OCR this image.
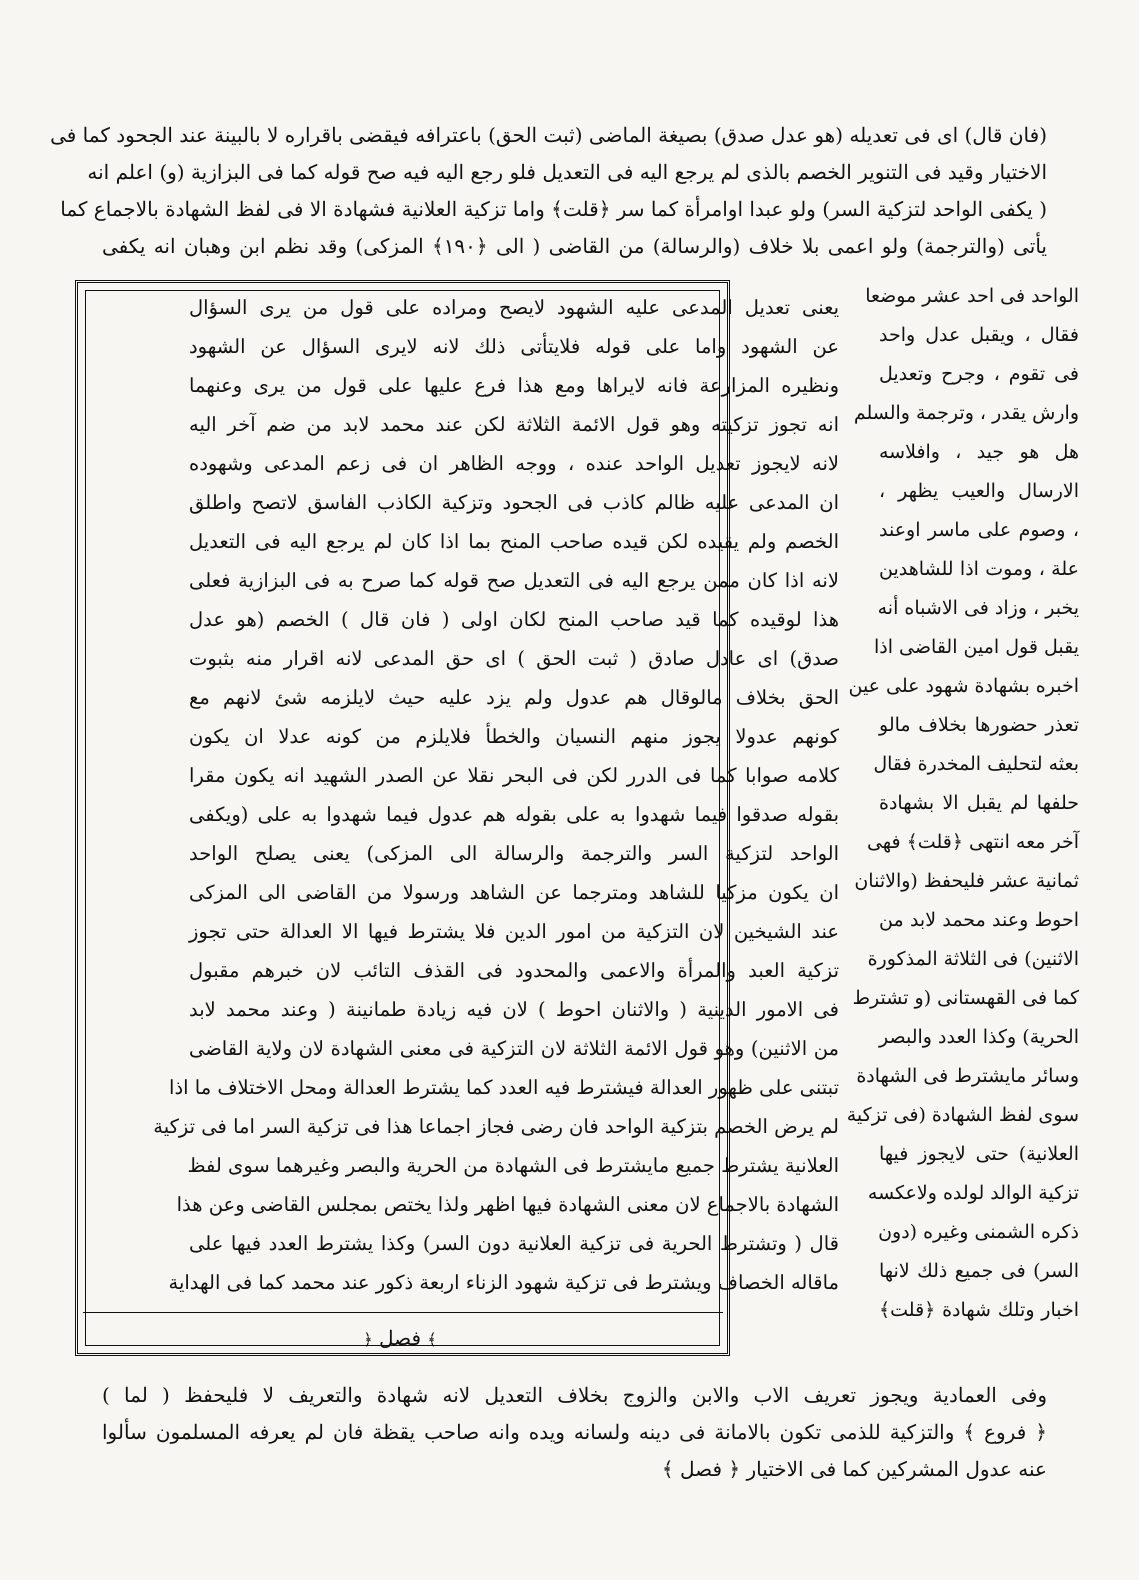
(فان قال) اى فى تعديله (هو عدل صدق) بصيغة الماضى (ثبت الحق) باعترافه فيقضى باقراره لا بالبينة عند الجحود كما فى
الاختيار وقيد فى التنوير الخصم بالذى لم يرجع اليه فى التعديل فلو رجع اليه فيه صح قوله كما فى البزازية (و) اعلم انه
( يكفى الواحد لتزكية السر) ولو عبدا اوامرأة كما سر ﴿قلت﴾ واما تزكية العلانية فشهادة الا فى لفظ الشهادة بالاجماع كما
يأتى (والترجمة) ولو اعمى بلا خلاف (والرسالة) من القاضى ( الى ﴿١٩٠﴾ المزكى) وقد نظم ابن وهبان انه يكفى
يعنى تعديل المدعى عليه الشهود لايصح ومراده على قول من يرى السؤال
عن الشهود واما على قوله فلايتأتى ذلك لانه لايرى السؤال عن الشهود
ونظيره المزارعة فانه لايراها ومع هذا فرع عليها على قول من يرى وعنهما
انه تجوز تزكيته وهو قول الائمة الثلاثة لكن عند محمد لابد من ضم آخر اليه
لانه لايجوز تعديل الواحد عنده ، ووجه الظاهر ان فى زعم المدعى وشهوده
ان المدعى عليه ظالم كاذب فى الجحود وتزكية الكاذب الفاسق لاتصح واطلق
الخصم ولم يقيده لكن قيده صاحب المنح بما اذا كان لم يرجع اليه فى التعديل
لانه اذا كان ممن يرجع اليه فى التعديل صح قوله كما صرح به فى البزازية فعلى
هذا لوقيده كما قيد صاحب المنح لكان اولى ( فان قال ) الخصم (هو عدل
صدق) اى عادل صادق ( ثبت الحق ) اى حق المدعى لانه اقرار منه بثبوت
الحق بخلاف مالوقال هم عدول ولم يزد عليه حيث لايلزمه شئ لانهم مع
كونهم عدولا يجوز منهم النسيان والخطأ فلايلزم من كونه عدلا ان يكون
كلامه صوابا كما فى الدرر لكن فى البحر نقلا عن الصدر الشهيد انه يكون مقرا
بقوله صدقوا فيما شهدوا به على بقوله هم عدول فيما شهدوا به على (ويكفى
الواحد لتزكية السر والترجمة والرسالة الى المزكى) يعنى يصلح الواحد
ان يكون مزكيا للشاهد ومترجما عن الشاهد ورسولا من القاضى الى المزكى
عند الشيخين لان التزكية من امور الدين فلا يشترط فيها الا العدالة حتى تجوز
تزكية العبد والمرأة والاعمى والمحدود فى القذف التائب لان خبرهم مقبول
فى الامور الدينية ( والاثنان احوط ) لان فيه زيادة طمانينة ( وعند محمد لابد
من الاثنين) وهو قول الائمة الثلاثة لان التزكية فى معنى الشهادة لان ولاية القاضى
تبتنى على ظهور العدالة فيشترط فيه العدد كما يشترط العدالة ومحل الاختلاف ما اذا
لم يرض الخصم بتزكية الواحد فان رضى فجاز اجماعا هذا فى تزكية السر اما فى تزكية
العلانية يشترط جميع مايشترط فى الشهادة من الحرية والبصر وغيرهما سوى لفظ
الشهادة بالاجماع لان معنى الشهادة فيها اظهر ولذا يختص بمجلس القاضى وعن هذا
قال ( وتشترط الحرية فى تزكية العلانية دون السر) وكذا يشترط العدد فيها على
ماقاله الخصاف ويشترط فى تزكية شهود الزناء اربعة ذكور عند محمد كما فى الهداية
﴾ فصل ﴿
الواحد فى احد عشر موضعا
فقال ، ويقبل عدل واحد
فى تقوم ، وجرح وتعديل
وارش يقدر ، وترجمة والسلم
هل هو جيد ، وافلاسه
الارسال والعيب يظهر ،
، وصوم على ماسر اوعند
علة ، وموت اذا للشاهدين
يخبر ، وزاد فى الاشباه أنه
يقبل قول امين القاضى اذا
اخبره بشهادة شهود على عين
تعذر حضورها بخلاف مالو
بعثه لتحليف المخدرة فقال
حلفها لم يقبل الا بشهادة
آخر معه انتهى ﴿قلت﴾ فهى
ثمانية عشر فليحفظ (والاثنان
احوط وعند محمد لابد من
الاثنين) فى الثلاثة المذكورة
كما فى القهستانى (و تشترط
الحرية) وكذا العدد والبصر
وسائر مايشترط فى الشهادة
سوى لفظ الشهادة (فى تزكية
العلانية) حتى لايجوز فيها
تزكية الوالد لولده ولاعكسه
ذكره الشمنى وغيره (دون
السر) فى جميع ذلك لانها
اخبار وتلك شهادة ﴿قلت﴾
وفى العمادية ويجوز تعريف الاب والابن والزوج بخلاف التعديل لانه شهادة والتعريف لا فليحفظ ( لما )
﴿ فروع ﴾ والتزكية للذمى تكون بالامانة فى دينه ولسانه ويده وانه صاحب يقظة فان لم يعرفه المسلمون سألوا
عنه عدول المشركين كما فى الاختيار ﴿ فصل ﴾
